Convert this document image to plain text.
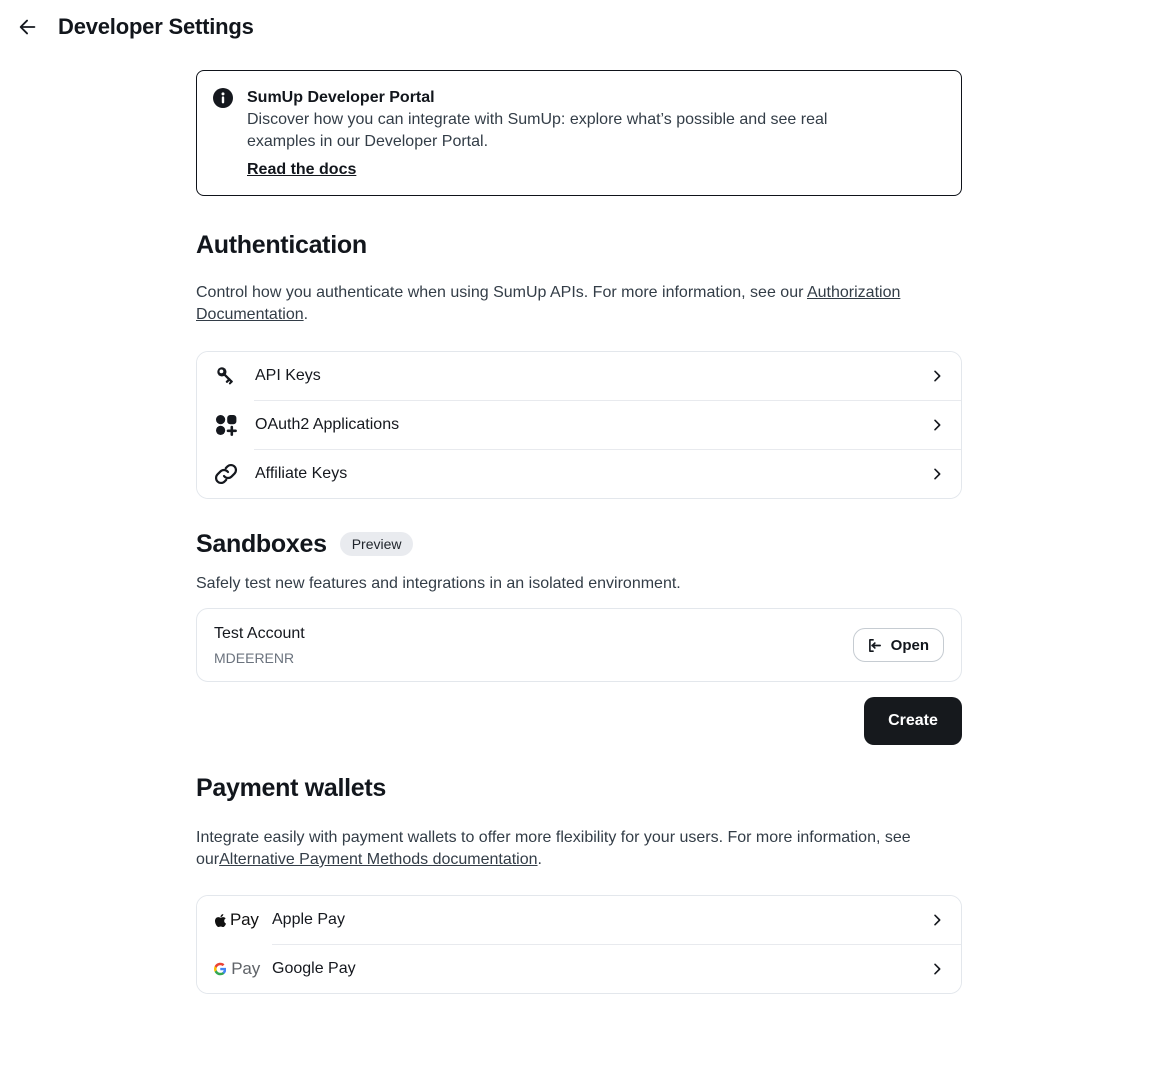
Developer Settings
SumUp Developer Portal
Discover how you can integrate with SumUp: explore what’s possible and see real examples in our Developer Portal.
Read the docs
Authentication

Control how you authenticate when using SumUp APIs. For more information, see our Authorization Documentation.

API Keys
OAuth2 Applications
Affiliate Keys
Sandboxes	Preview

Safely test new features and integrations in an isolated environment.

Test Account
MDEERENR
Open
Create
Payment wallets

Integrate easily with payment wallets to offer more flexibility for your users. For more information, see ourAlternative Payment Methods documentation.

Pay Apple Pay
Pay Google Pay
